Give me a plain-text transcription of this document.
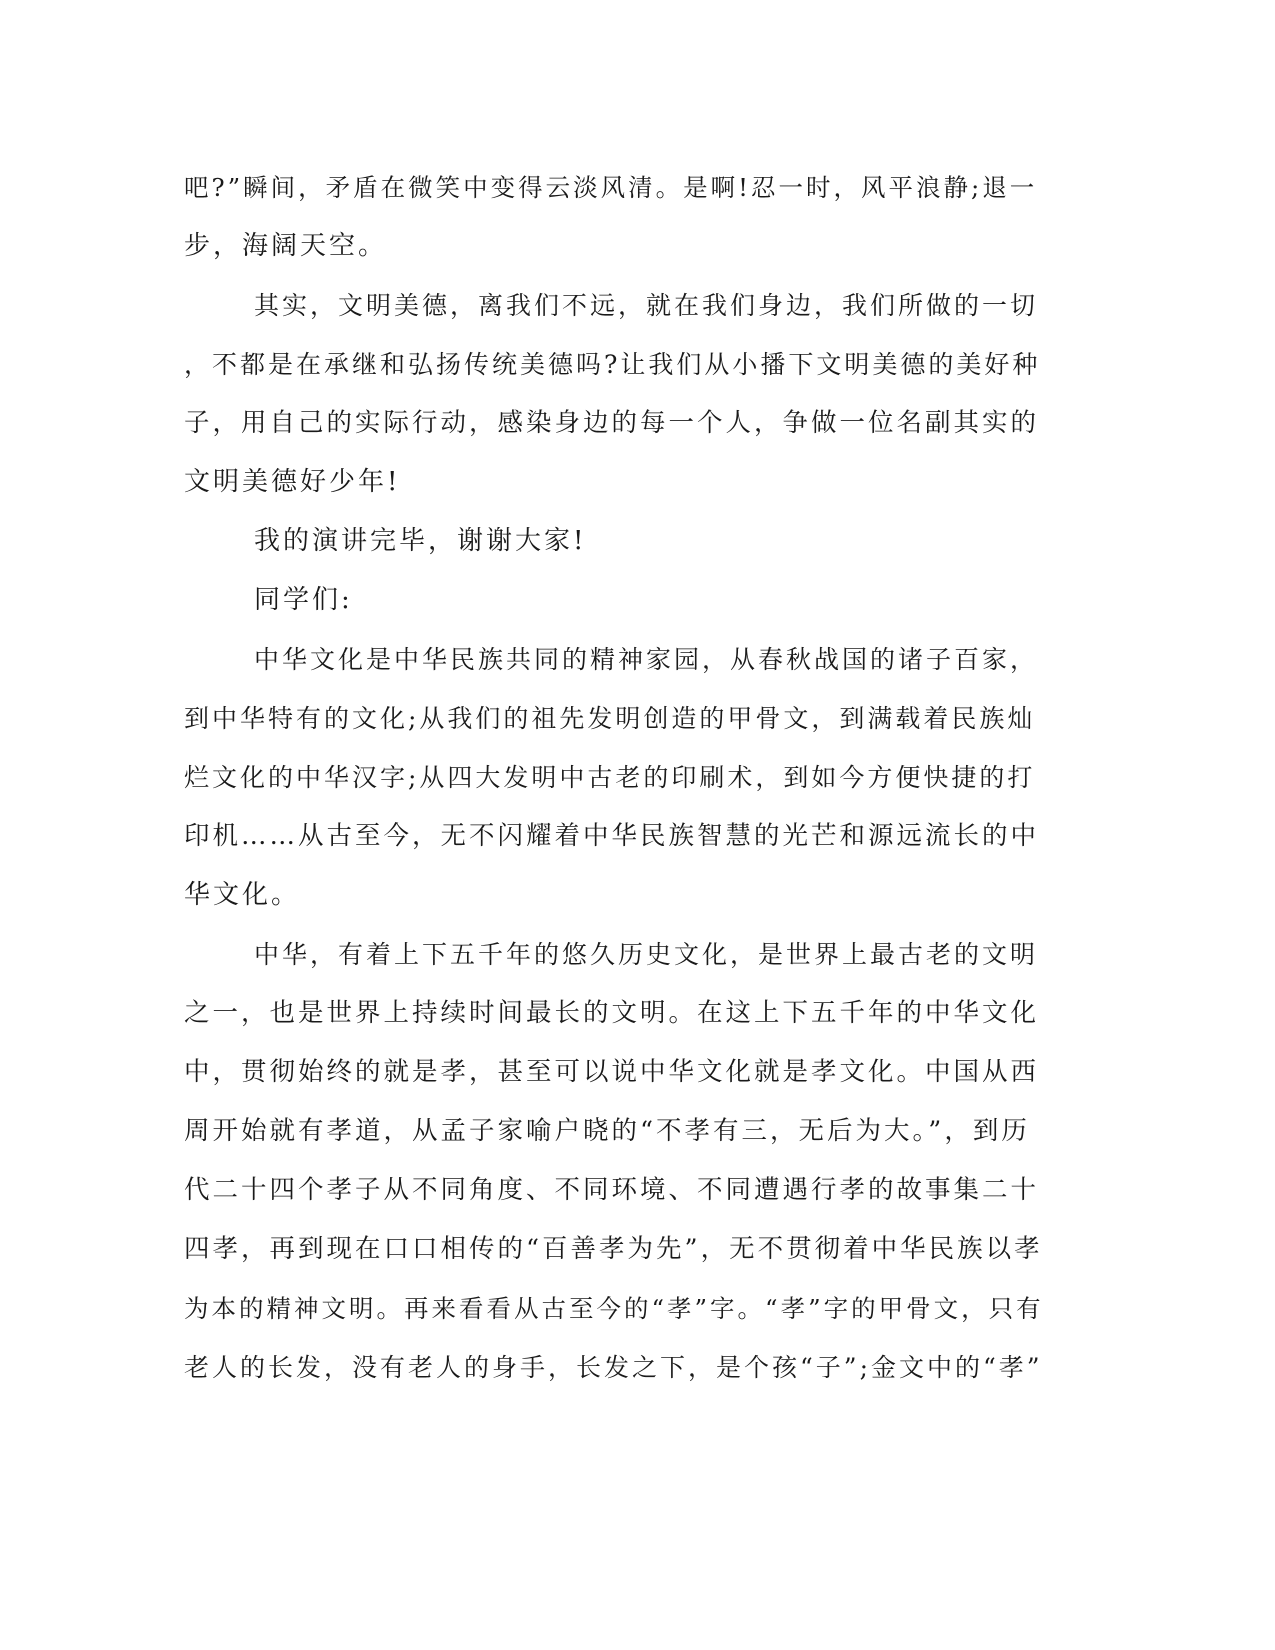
吧?”瞬间，矛盾在微笑中变得云淡风清。是啊!忍一时，风平浪静;退一
步，海阔天空。
其实，文明美德，离我们不远，就在我们身边，我们所做的一切
，不都是在承继和弘扬传统美德吗?让我们从小播下文明美德的美好种
子，用自己的实际行动，感染身边的每一个人，争做一位名副其实的
文明美德好少年!
我的演讲完毕，谢谢大家!
同学们:
中华文化是中华民族共同的精神家园，从春秋战国的诸子百家，
到中华特有的文化;从我们的祖先发明创造的甲骨文，到满载着民族灿
烂文化的中华汉字;从四大发明中古老的印刷术，到如今方便快捷的打
印机……从古至今，无不闪耀着中华民族智慧的光芒和源远流长的中
华文化。
中华，有着上下五千年的悠久历史文化，是世界上最古老的文明
之一，也是世界上持续时间最长的文明。在这上下五千年的中华文化
中，贯彻始终的就是孝，甚至可以说中华文化就是孝文化。中国从西
周开始就有孝道，从孟子家喻户晓的“不孝有三，无后为大。”，到历
代二十四个孝子从不同角度、不同环境、不同遭遇行孝的故事集二十
四孝，再到现在口口相传的“百善孝为先”，无不贯彻着中华民族以孝
为本的精神文明。再来看看从古至今的“孝”字。“孝”字的甲骨文，只有
老人的长发，没有老人的身手，长发之下，是个孩“子”;金文中的“孝”
